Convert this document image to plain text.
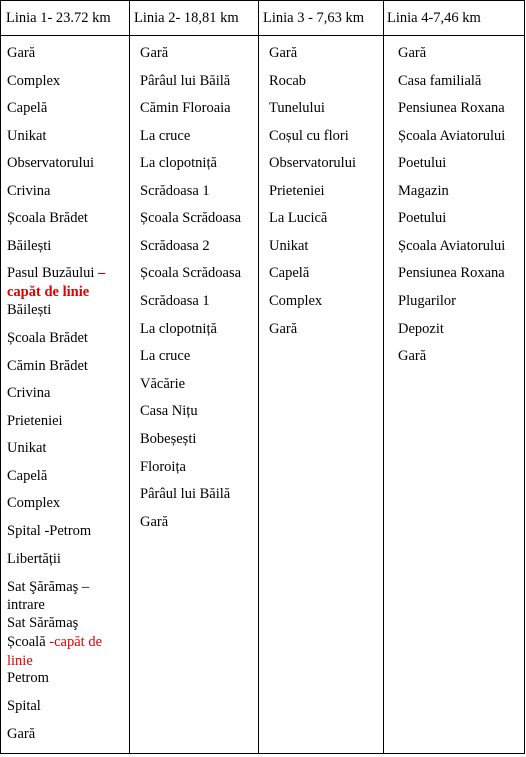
Linia 1- 23.72 km Linia 2- 18,81 km Linia 3 - 7,63 km Linia 4-7,46 km
Gară
Complex
Capelă
Unikat
Observatorului
Crivina
Școala Brădet
Băilești
Pasul Buzăului –
capăt de linie
Băilești
Școala Brădet
Cămin Brădet
Crivina
Prieteniei
Unikat
Capelă
Complex
Spital -Petrom
Libertății
Sat Şărămaş –
intrare
Sat Sărămaş
Școală -capăt de
linie
Petrom
Spital
Gară
Gară
Pârâul lui Băilă
Cămin Floroaia
La cruce
La clopotniță
Scrădoasa 1
Școala Scrădoasa
Scrădoasa 2
Școala Scrădoasa
Scrădoasa 1
La clopotniță
La cruce
Văcărie
Casa Nițu
Bobeșești
Floroița
Pârâul lui Băilă
Gară
Gară
Rocab
Tunelului
Coșul cu flori
Observatorului
Prieteniei
La Lucică
Unikat
Capelă
Complex
Gară
Gară
Casa familială
Pensiunea Roxana
Școala Aviatorului
Poetului
Magazin
Poetului
Școala Aviatorului
Pensiunea Roxana
Plugarilor
Depozit
Gară
